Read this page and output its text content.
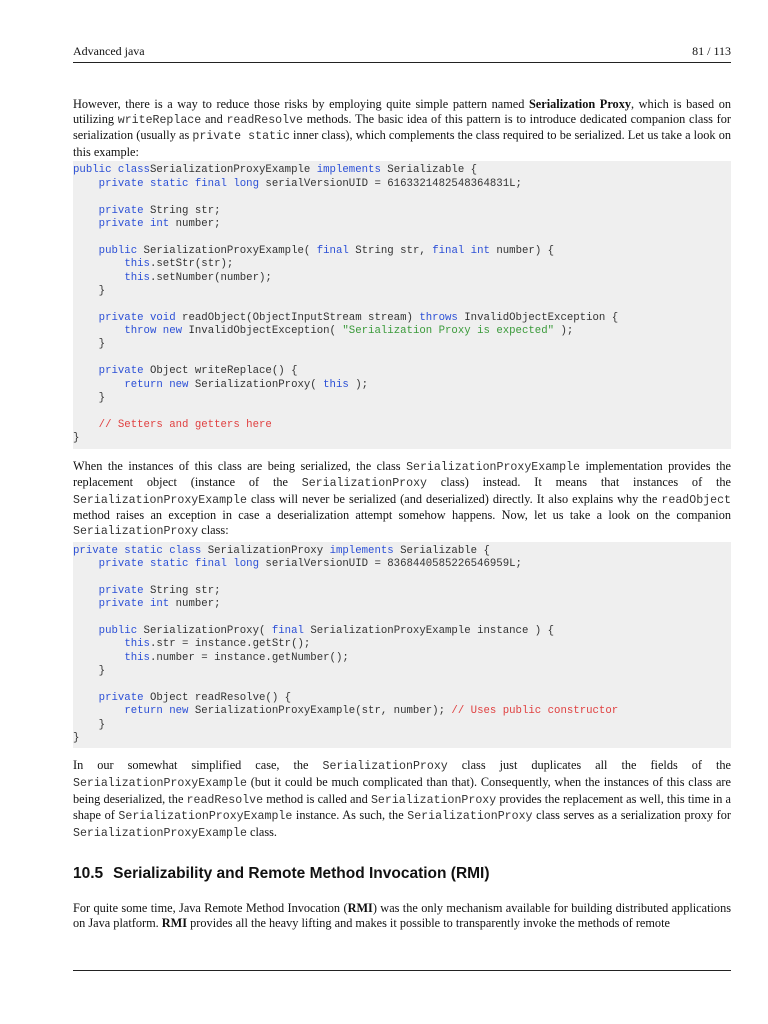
Advanced java	81 / 113

However, there is a way to reduce those risks by employing quite simple pattern named Serialization Proxy, which is based on utilizing writeReplace and readResolve methods. The basic idea of this pattern is to introduce dedicated companion class for serialization (usually as private static inner class), which complements the class required to be serialized. Let us take a look on this example:

public classSerializationProxyExample implements Serializable {
private static final long serialVersionUID = 6163321482548364831L;
private String str;
private int number;
public SerializationProxyExample( final String str, final int number) {
this.setStr(str);
this.setNumber(number);
}
private void readObject(ObjectInputStream stream) throws InvalidObjectException {
throw new InvalidObjectException( "Serialization Proxy is expected" );
}
private Object writeReplace() {
return new SerializationProxy( this );
}
// Setters and getters here
}

When the instances of this class are being serialized, the class SerializationProxyExample implementation provides the replacement object (instance of the SerializationProxy class) instead. It means that instances of the SerializationProxyExample class will never be serialized (and deserialized) directly. It also explains why the readObject method raises an exception in case a deserialization attempt somehow happens. Now, let us take a look on the companion SerializationProxy class:

private static class SerializationProxy implements Serializable {
private static final long serialVersionUID = 8368440585226546959L;
private String str;
private int number;
public SerializationProxy( final SerializationProxyExample instance ) {
this.str = instance.getStr();
this.number = instance.getNumber();
}
private Object readResolve() {
return new SerializationProxyExample(str, number); // Uses public constructor
}
}

In our somewhat simplified case, the SerializationProxy class just duplicates all the fields of the SerializationProxyExample (but it could be much complicated than that). Consequently, when the instances of this class are being deserialized, the readResolve method is called and SerializationProxy provides the replacement as well, this time in a shape of SerializationProxyExample instance. As such, the SerializationProxy class serves as a serialization proxy for SerializationProxyExample class.

10.5 Serializability and Remote Method Invocation (RMI)

For quite some time, Java Remote Method Invocation (RMI) was the only mechanism available for building distributed applications on Java platform. RMI provides all the heavy lifting and makes it possible to transparently invoke the methods of remote
